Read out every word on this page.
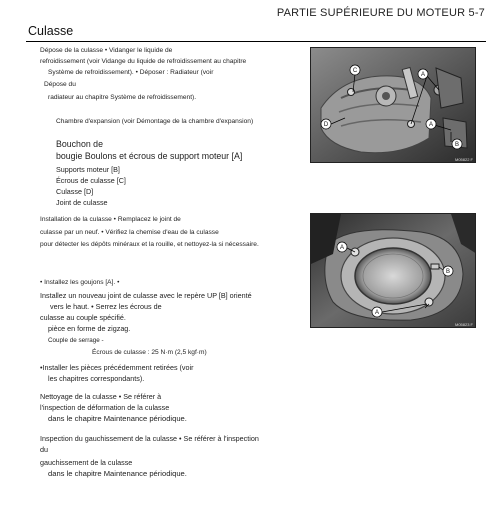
PARTIE SUPÉRIEURE DU MOTEUR 5-7
Culasse
Dépose de la culasse • Vidanger le liquide de
refroidissement (voir Vidange du liquide de refroidissement au chapitre
Système de refroidissement). • Déposer : Radiateur (voir
Dépose du
radiateur au chapitre Système de refroidissement).
Chambre d'expansion (voir Démontage de la chambre d'expansion)
Bouchon de
bougie Boulons et écrous de support moteur [A]
Supports moteur [B]
Écrous de culasse [C]
Culasse [D]
Joint de culasse
Installation de la culasse • Remplacez le joint de
culasse par un neuf. • Vérifiez la chemise d'eau de la culasse
pour détecter les dépôts minéraux et la rouille, et nettoyez-la si nécessaire.
• Installez les goujons [A]. •
Installez un nouveau joint de culasse avec le repère UP [B] orienté
vers le haut. • Serrez les écrous de
culasse au couple spécifié.
pièce en forme de zigzag.
Couple de serrage -
Écrous de culasse : 25 N·m (2,5 kgf·m)
•Installer les pièces précédemment retirées (voir
les chapitres correspondants).
Nettoyage de la culasse • Se référer à
l'inspection de déformation de la culasse
dans le chapitre Maintenance périodique.
Inspection du gauchissement de la culasse • Se référer à l'inspection
du
gauchissement de la culasse
dans le chapitre Maintenance périodique.
A
A
B
C
D
M05822 F
A
B
A
M05823 F
